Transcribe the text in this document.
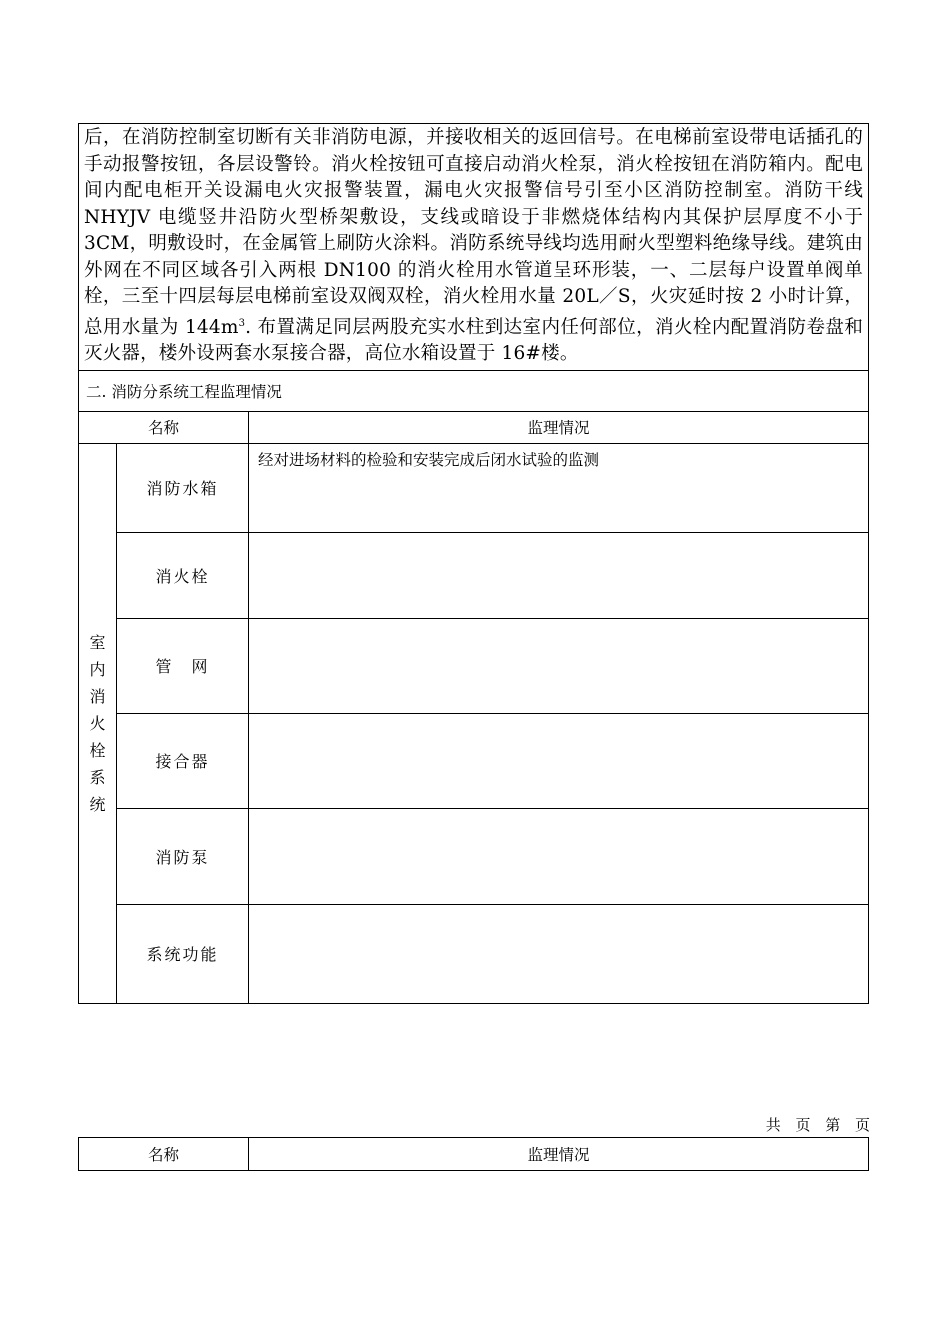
后，在消防控制室切断有关非消防电源，并接收相关的返回信号。在电梯前室设带电话插孔的手动报警按钮，各层设警铃。消火栓按钮可直接启动消火栓泵，消火栓按钮在消防箱内。配电间内配电柜开关设漏电火灾报警装置，漏电火灾报警信号引至小区消防控制室。消防干线 NHYJV 电缆竖井沿防火型桥架敷设，支线或暗设于非燃烧体结构内其保护层厚度不小于 3CM，明敷设时，在金属管上刷防火涂料。消防系统导线均选用耐火型塑料绝缘导线。建筑由外网在不同区域各引入两根 DN100 的消火栓用水管道呈环形装，一、二层每户设置单阀单栓，三至十四层每层电梯前室设双阀双栓，消火栓用水量 20L／S，火灾延时按 2 小时计算，总用水量为 $144m^3$. 布置满足同层两股充实水柱到达室内任何部位，消火栓内配置消防卷盘和灭火器，楼外设两套水泵接合器，高位水箱设置于 16#楼。		

二. 消防分系统工程监理情况		
名称		监理情况
室内消火栓系统	消防水箱	经对进场材料的检验和安装完成后闭水试验的监测
	消火栓	
	管　网	
	接合器	
	消防泵	
	系统功能	
共 页 第 页
名称	监理情况
